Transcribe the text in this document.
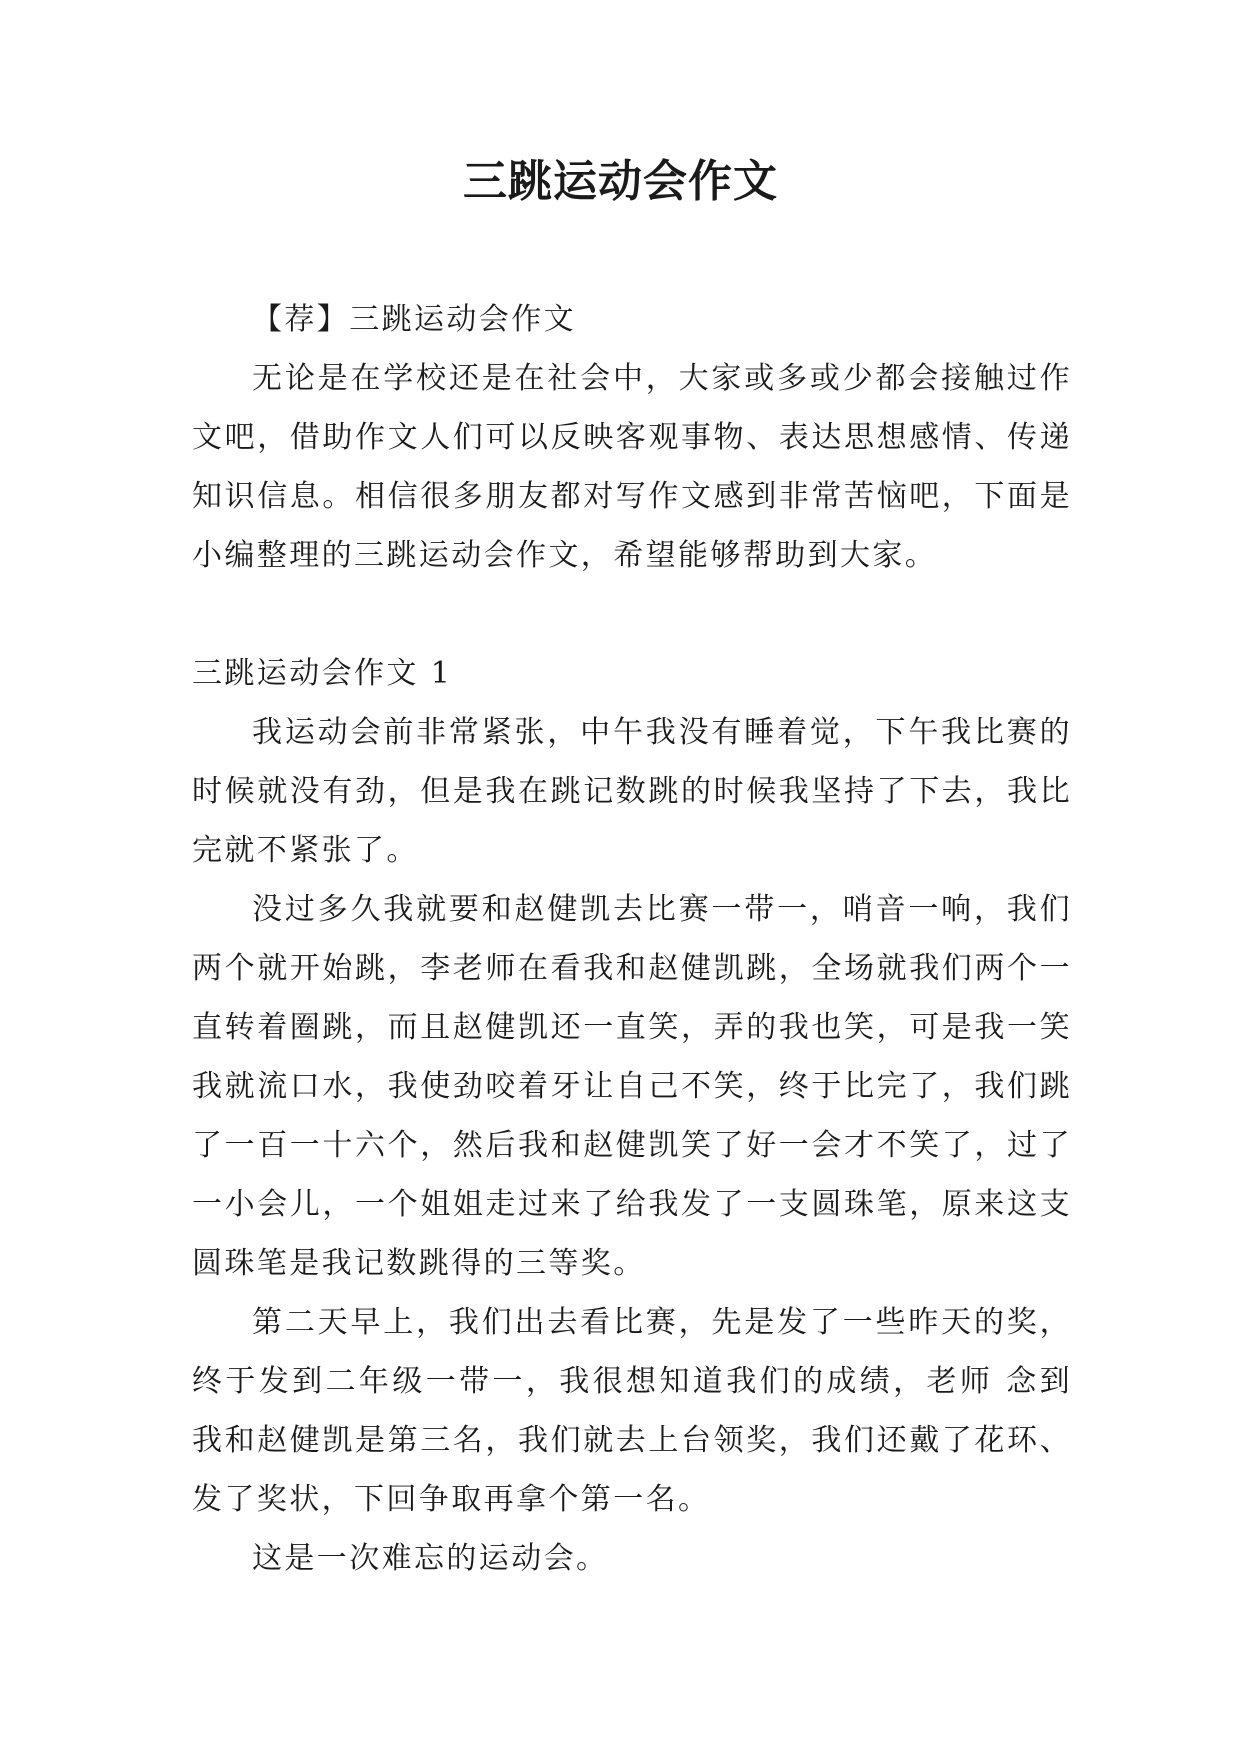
三跳运动会作文

【荐】三跳运动会作文

无论是在学校还是在社会中，大家或多或少都会接触过作文吧，借助作文人们可以反映客观事物、表达思想感情、传递知识信息。相信很多朋友都对写作文感到非常苦恼吧，下面是小编整理的三跳运动会作文，希望能够帮助到大家。

三跳运动会作文 1

我运动会前非常紧张，中午我没有睡着觉，下午我比赛的时候就没有劲，但是我在跳记数跳的时候我坚持了下去，我比完就不紧张了。

没过多久我就要和赵健凯去比赛一带一，哨音一响，我们两个就开始跳，李老师在看我和赵健凯跳，全场就我们两个一直转着圈跳，而且赵健凯还一直笑，弄的我也笑，可是我一笑我就流口水，我使劲咬着牙让自己不笑，终于比完了，我们跳了一百一十六个，然后我和赵健凯笑了好一会才不笑了，过了一小会儿，一个姐姐走过来了给我发了一支圆珠笔，原来这支圆珠笔是我记数跳得的三等奖。

第二天早上，我们出去看比赛，先是发了一些昨天的奖，终于发到二年级一带一，我很想知道我们的成绩，老师 念到我和赵健凯是第三名，我们就去上台领奖，我们还戴了花环、发了奖状，下回争取再拿个第一名。

这是一次难忘的运动会。
